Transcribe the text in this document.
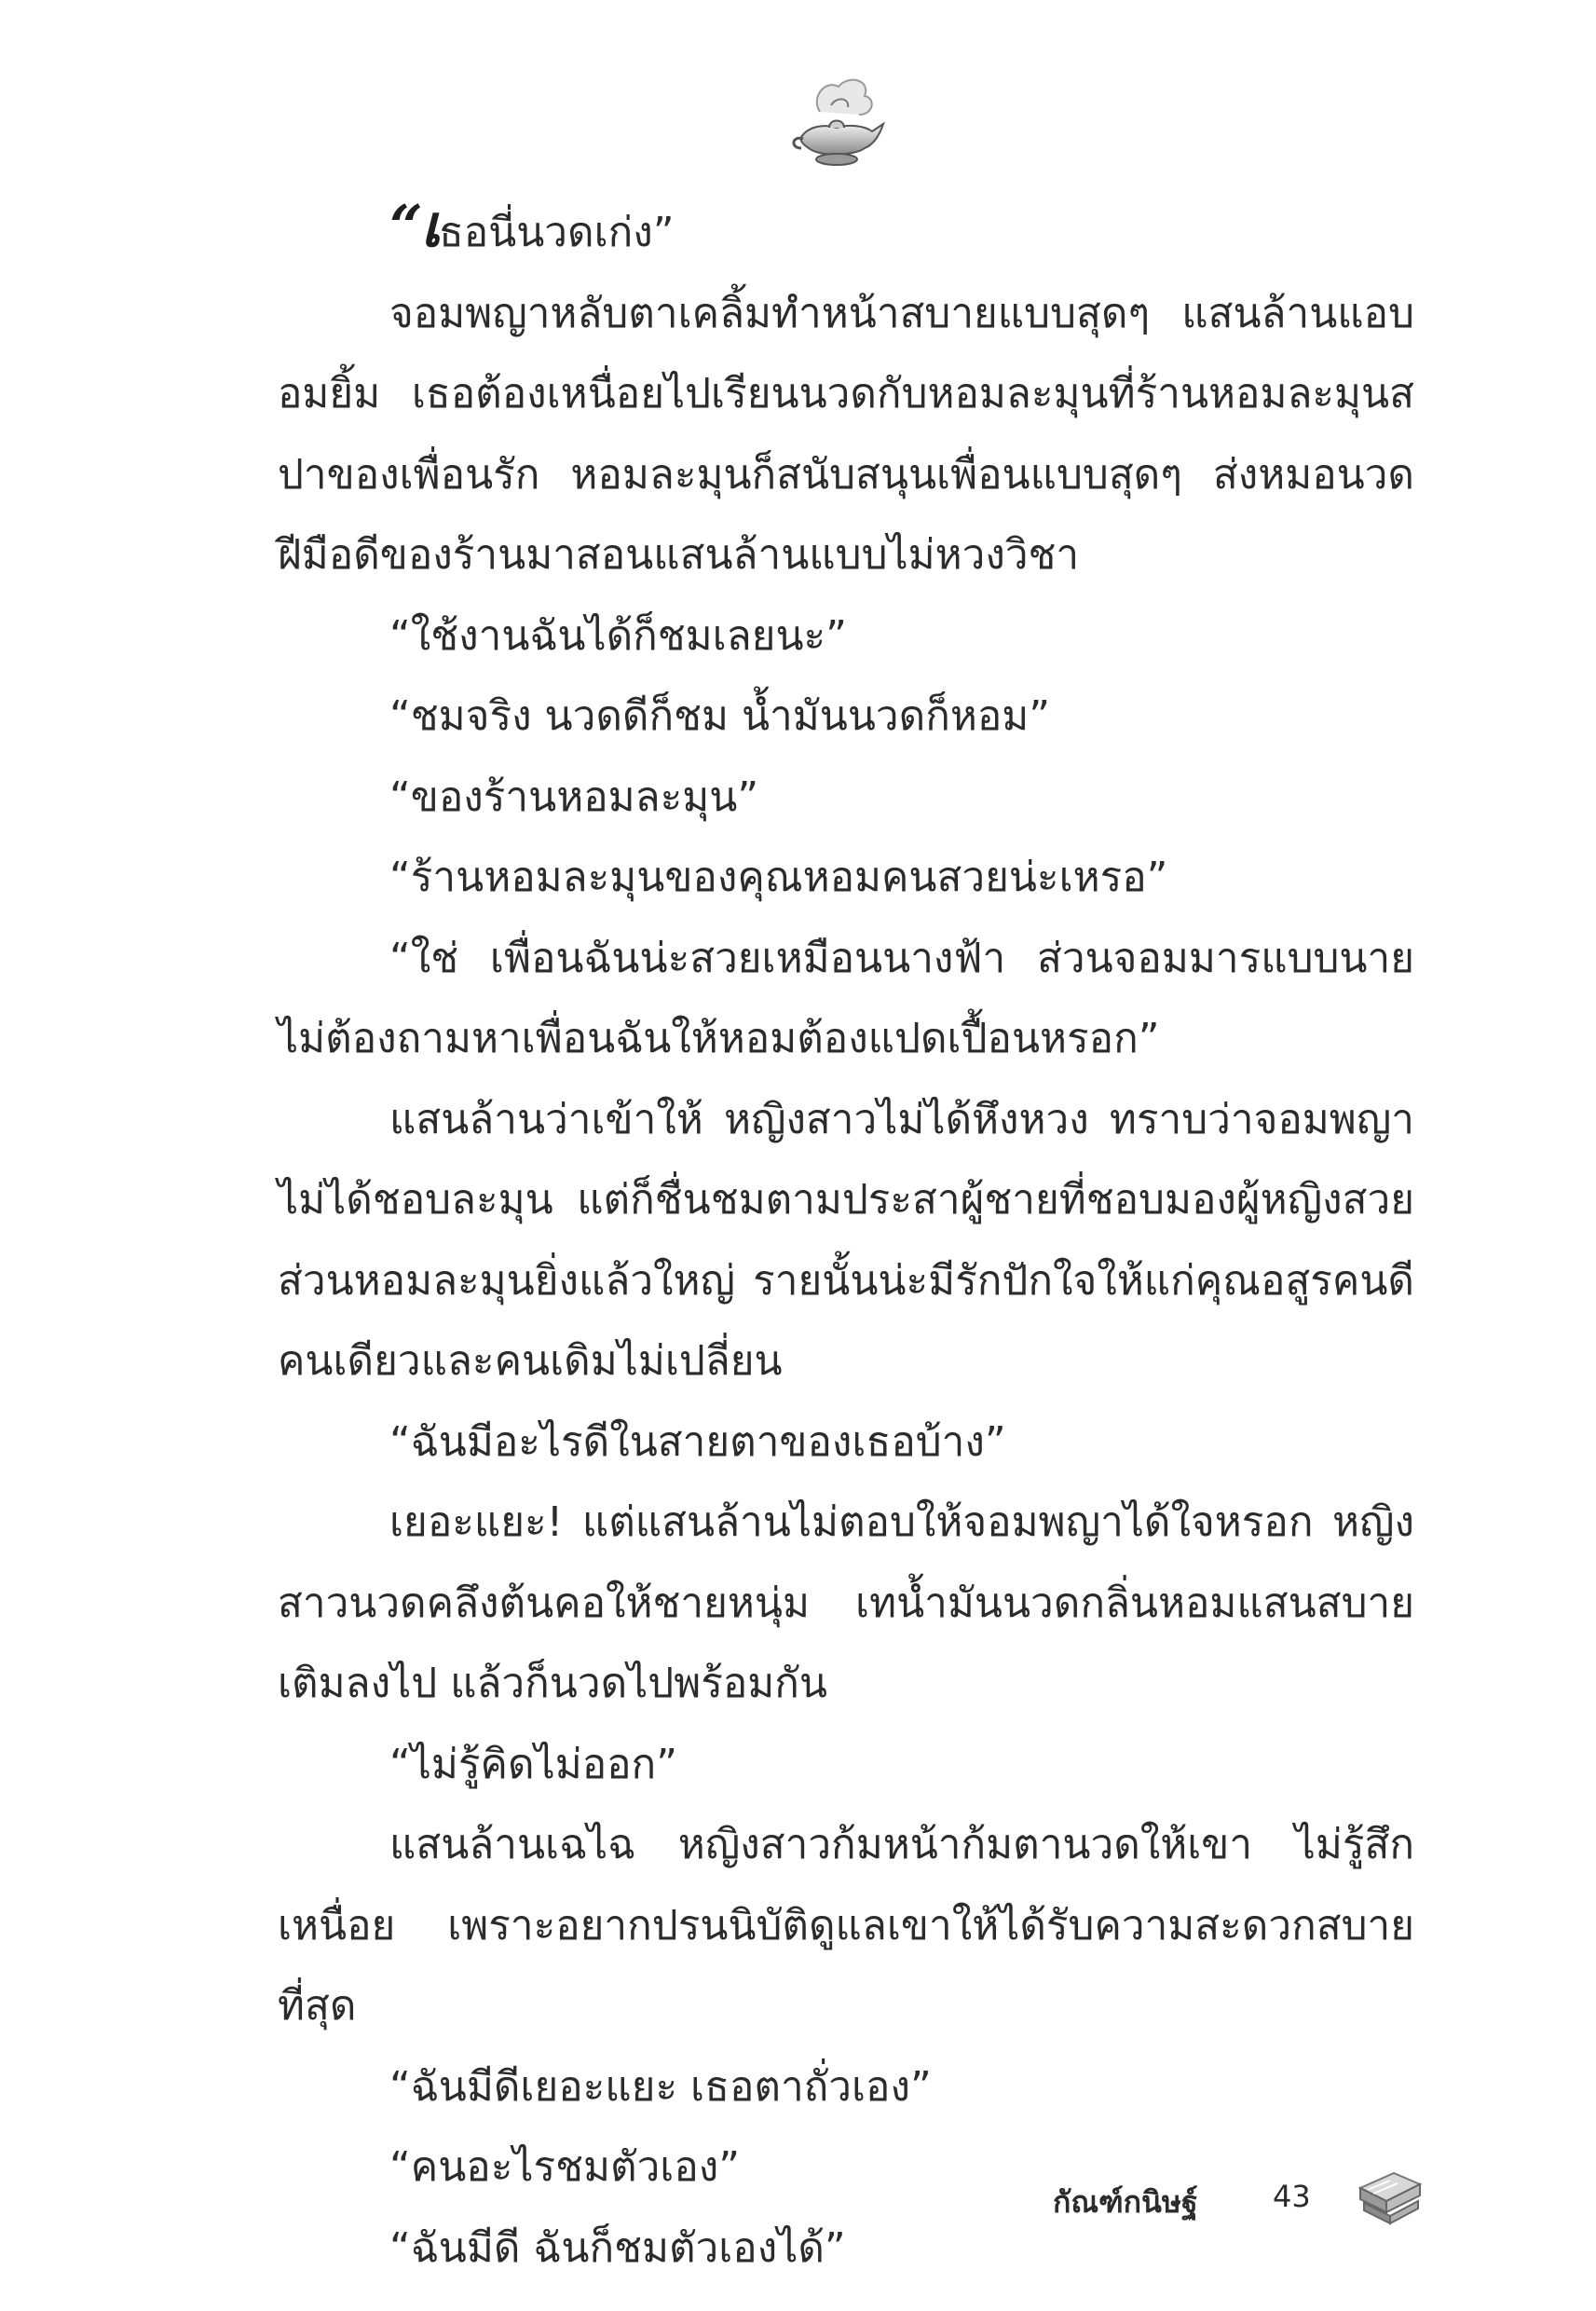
“เธอนี่นวดเก่ง”

จอมพญาหลับตาเคลิ้มทำหน้าสบายแบบสุดๆ แสนล้านแอบอมยิ้ม เธอต้องเหนื่อยไปเรียนนวดกับหอมละมุนที่ร้านหอมละมุนสปาของเพื่อนรัก หอมละมุนก็สนับสนุนเพื่อนแบบสุดๆ ส่งหมอนวดฝีมือดีของร้านมาสอนแสนล้านแบบไม่หวงวิชา

“ใช้งานฉันได้ก็ชมเลยนะ”

“ชมจริง นวดดีก็ชม น้ำมันนวดก็หอม”

“ของร้านหอมละมุน”

“ร้านหอมละมุนของคุณหอมคนสวยน่ะเหรอ”

“ใช่ เพื่อนฉันน่ะสวยเหมือนนางฟ้า ส่วนจอมมารแบบนายไม่ต้องถามหาเพื่อนฉันให้หอมต้องแปดเปื้อนหรอก”

แสนล้านว่าเข้าให้ หญิงสาวไม่ได้หึงหวง ทราบว่าจอมพญาไม่ได้ชอบละมุน แต่ก็ชื่นชมตามประสาผู้ชายที่ชอบมองผู้หญิงสวย ส่วนหอมละมุนยิ่งแล้วใหญ่ รายนั้นน่ะมีรักปักใจให้แก่คุณอสูรคนดีคนเดียวและคนเดิมไม่เปลี่ยน

“ฉันมีอะไรดีในสายตาของเธอบ้าง”

เยอะแยะ! แต่แสนล้านไม่ตอบให้จอมพญาได้ใจหรอก หญิงสาวนวดคลึงต้นคอให้ชายหนุ่ม เทน้ำมันนวดกลิ่นหอมแสนสบายเติมลงไป แล้วก็นวดไปพร้อมกัน

“ไม่รู้คิดไม่ออก”

แสนล้านเฉไฉ หญิงสาวก้มหน้าก้มตานวดให้เขา ไม่รู้สึกเหนื่อย เพราะอยากปรนนิบัติดูแลเขาให้ได้รับความสะดวกสบายที่สุด

“ฉันมีดีเยอะแยะ เธอตาถั่วเอง”

“คนอะไรชมตัวเอง”

“ฉันมีดี ฉันก็ชมตัวเองได้”

กัณฑ์กนิษฐ์	43
